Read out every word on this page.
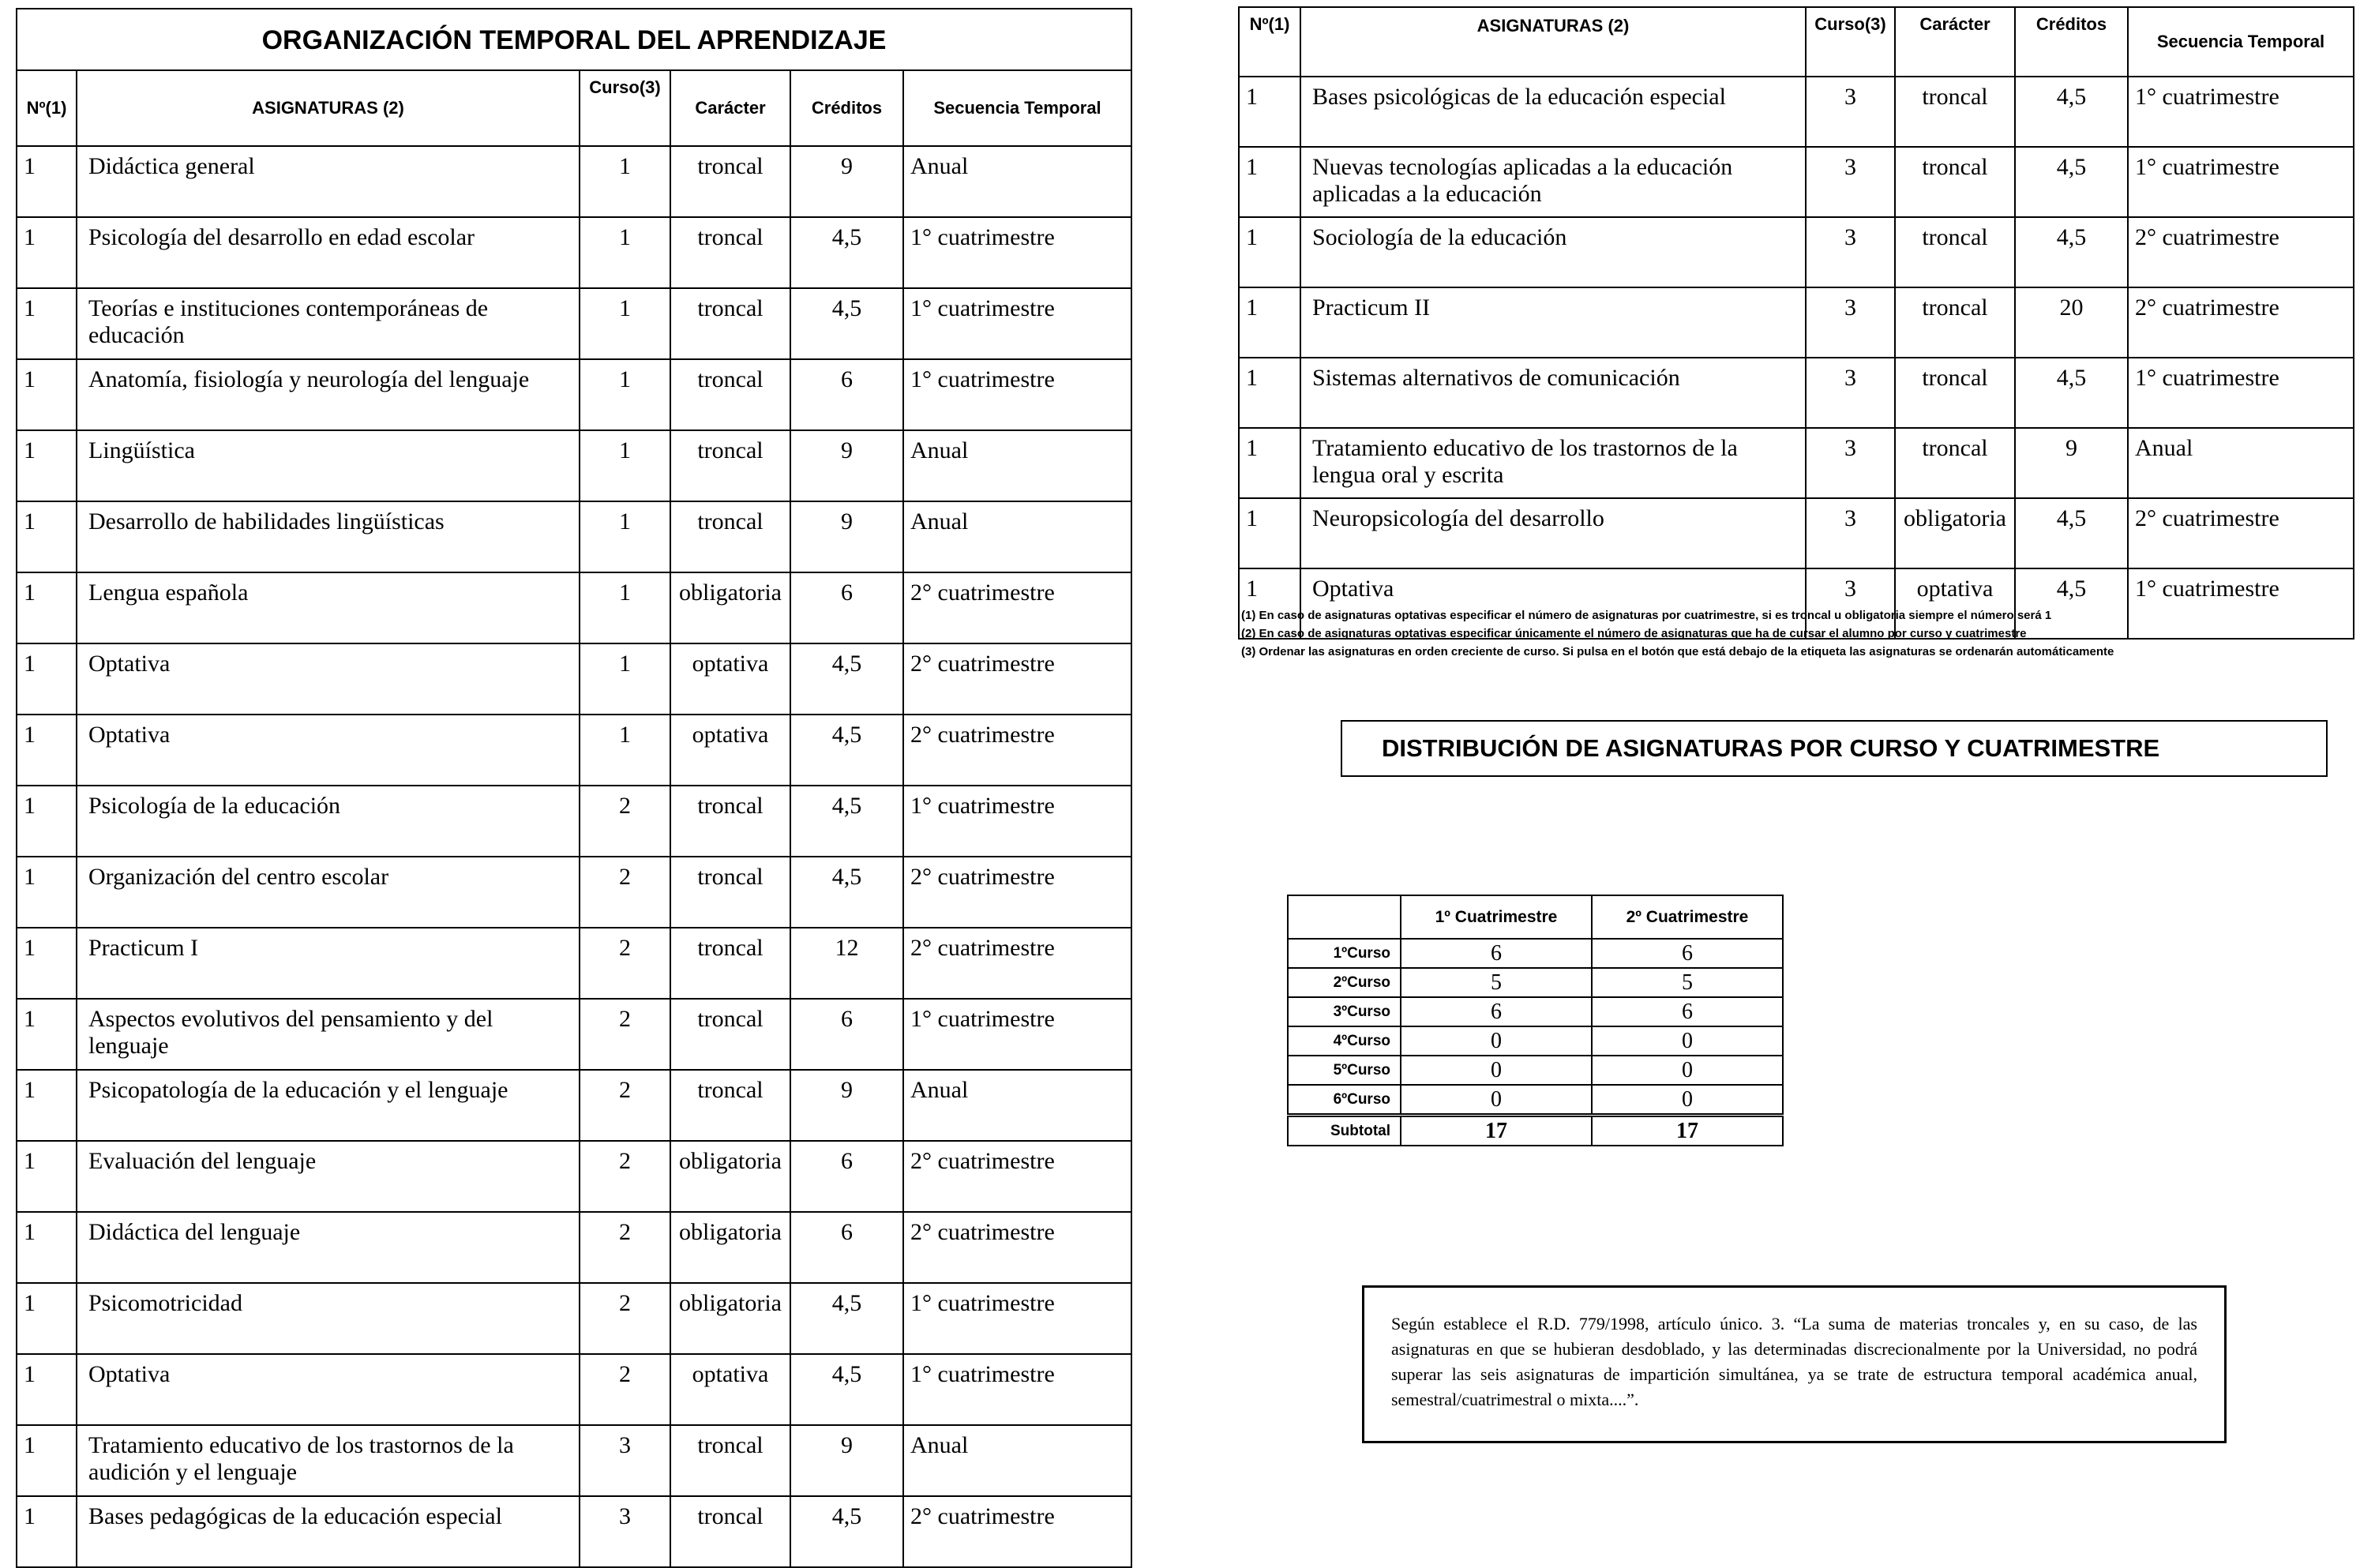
ORGANIZACIÓN TEMPORAL DEL APRENDIZAJE
Nº(1)	ASIGNATURAS (2)	Curso(3)	Carácter	Créditos	Secuencia Temporal
1	Didáctica general	1	troncal	9	Anual
1	Psicología del desarrollo en edad escolar	1	troncal	4,5	1° cuatrimestre
1	Teorías e instituciones contemporáneas de educación	1	troncal	4,5	1° cuatrimestre
1	Anatomía, fisiología y neurología del lenguaje	1	troncal	6	1° cuatrimestre
1	Lingüística	1	troncal	9	Anual
1	Desarrollo de habilidades lingüísticas	1	troncal	9	Anual
1	Lengua española	1	obligatoria	6	2° cuatrimestre
1	Optativa	1	optativa	4,5	2° cuatrimestre
1	Optativa	1	optativa	4,5	2° cuatrimestre
1	Psicología de la educación	2	troncal	4,5	1° cuatrimestre
1	Organización del centro escolar	2	troncal	4,5	2° cuatrimestre
1	Practicum I	2	troncal	12	2° cuatrimestre
1	Aspectos evolutivos del pensamiento y del lenguaje	2	troncal	6	1° cuatrimestre
1	Psicopatología de la educación y el lenguaje	2	troncal	9	Anual
1	Evaluación del lenguaje	2	obligatoria	6	2° cuatrimestre
1	Didáctica del lenguaje	2	obligatoria	6	2° cuatrimestre
1	Psicomotricidad	2	obligatoria	4,5	1° cuatrimestre
1	Optativa	2	optativa	4,5	1° cuatrimestre
1	Tratamiento educativo de los trastornos de la audición y el lenguaje	3	troncal	9	Anual
1	Bases pedagógicas de la educación especial	3	troncal	4,5	2° cuatrimestre
Nº(1)	ASIGNATURAS (2)	Curso(3)	Carácter	Créditos	Secuencia Temporal
1	Bases psicológicas de la educación especial	3	troncal	4,5	1° cuatrimestre
1	Nuevas tecnologías aplicadas a la educación aplicadas a la educación	3	troncal	4,5	1° cuatrimestre
1	Sociología de la educación	3	troncal	4,5	2° cuatrimestre
1	Practicum II	3	troncal	20	2° cuatrimestre
1	Sistemas alternativos de comunicación	3	troncal	4,5	1° cuatrimestre
1	Tratamiento educativo de los trastornos de la lengua oral y escrita	3	troncal	9	Anual
1	Neuropsicología del desarrollo	3	obligatoria	4,5	2° cuatrimestre
1	Optativa	3	optativa	4,5	1° cuatrimestre
(1) En caso de asignaturas optativas especificar el número de asignaturas por cuatrimestre, si es troncal u obligatoria siempre el número será 1
(2) En caso de asignaturas optativas especificar únicamente el número de asignaturas que ha de cursar el alumno por curso y cuatrimestre
(3) Ordenar las asignaturas en orden creciente de curso. Si pulsa en el botón que está debajo de la etiqueta las asignaturas se ordenarán automáticamente
DISTRIBUCIÓN DE ASIGNATURAS POR CURSO Y CUATRIMESTRE
	1º Cuatrimestre	2º Cuatrimestre
1ºCurso	6	6
2ºCurso	5	5
3ºCurso	6	6
4ºCurso	0	0
5ºCurso	0	0
6ºCurso	0	0
Subtotal	17	17
Según establece el R.D. 779/1998, artículo único. 3. “La suma de materias troncales y, en su caso, de las asignaturas en que se hubieran desdoblado, y las determinadas discrecionalmente por la Universidad, no podrá superar las seis asignaturas de impartición simultánea, ya se trate de estructura temporal académica anual, semestral/cuatrimestral o mixta....”.
